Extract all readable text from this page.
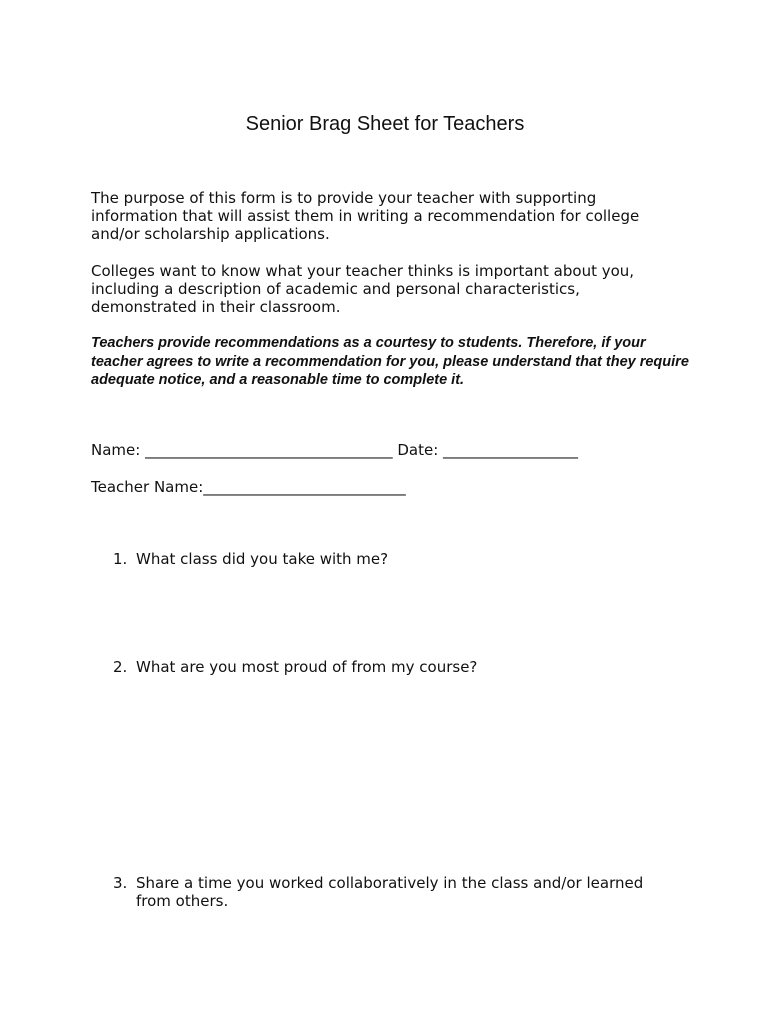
Senior Brag Sheet for Teachers

The purpose of this form is to provide your teacher with supporting information that will assist them in writing a recommendation for college and/or scholarship applications.

Colleges want to know what your teacher thinks is important about you, including a description of academic and personal characteristics, demonstrated in their classroom.

Teachers provide recommendations as a courtesy to students. Therefore, if your teacher agrees to write a recommendation for you, please understand that they require adequate notice, and a reasonable time to complete it.

Name: _________________________________ Date: __________________
Teacher Name:___________________________
1. What class did you take with me?
2. What are you most proud of from my course?
3. Share a time you worked collaboratively in the class and/or learned from others.
